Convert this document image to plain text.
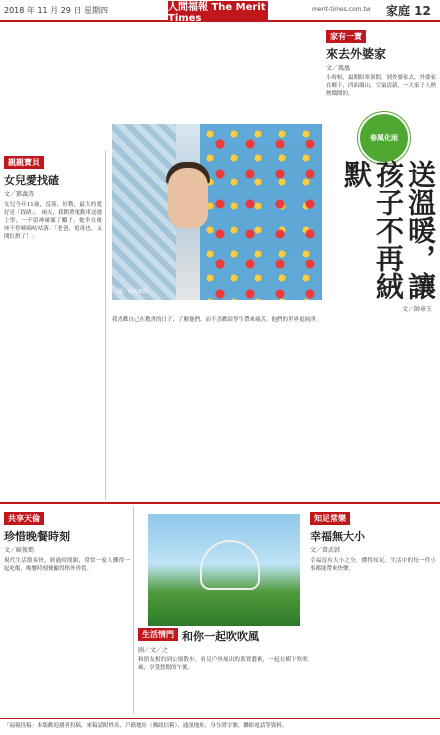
2018 年 11 月 29 日 星期四	人間福報 The Merit Times
merit-times.com.tw 家庭 12
家有一寶
來去外婆家
文／鳳凰
小時候，最期盼寒暑假，到外婆家去，外婆家在鄉下，四面環山，空氣清新，一大家子人熱熱鬧鬧的。
親親寶貝
女兒愛找碴
文／鄧義涛
女兒今年11歲，沒落、好勒，最大的愛好是「找碴」。 兩天，我開著電動車送她上學，一不留神碰壞了轎子，她坐在後座不停嘀嘀咕咕落：「老爸，電毒也，又開紅燈了！」
圖／取自網路
春風化雨
送溫暖，讓孩子不再絨默
文／帥章玉
我喜歡自己在教書的日子，了解他們，而不喜歡給學生帶來痛苦，他們的世界更純淨。
共享天倫
珍惜晚餐時刻
文／歐俊瑪
現代生活節奏快，經過時間跟，常常一家人難得一起吃飯，晚餐時刻便顯得格外珍貴。
生活情門 和你一起吹吹風
圖／文／之
和朋友相約到公園散步，看見戶外展出的裝置藝術，一起在樹下吹吹風，享受悠閒的午後。
知足常樂
幸福無大小
文／曾武韩
幸福沒有大小之分，懂得知足，生活中的每一件小事都能帶來快樂。
「福報投稿」本版歡迎讀者投稿，來稿請附姓名、戶籍地址（郵政信箱）、通訊地址、身分證字號、聯絡電話等資料。
